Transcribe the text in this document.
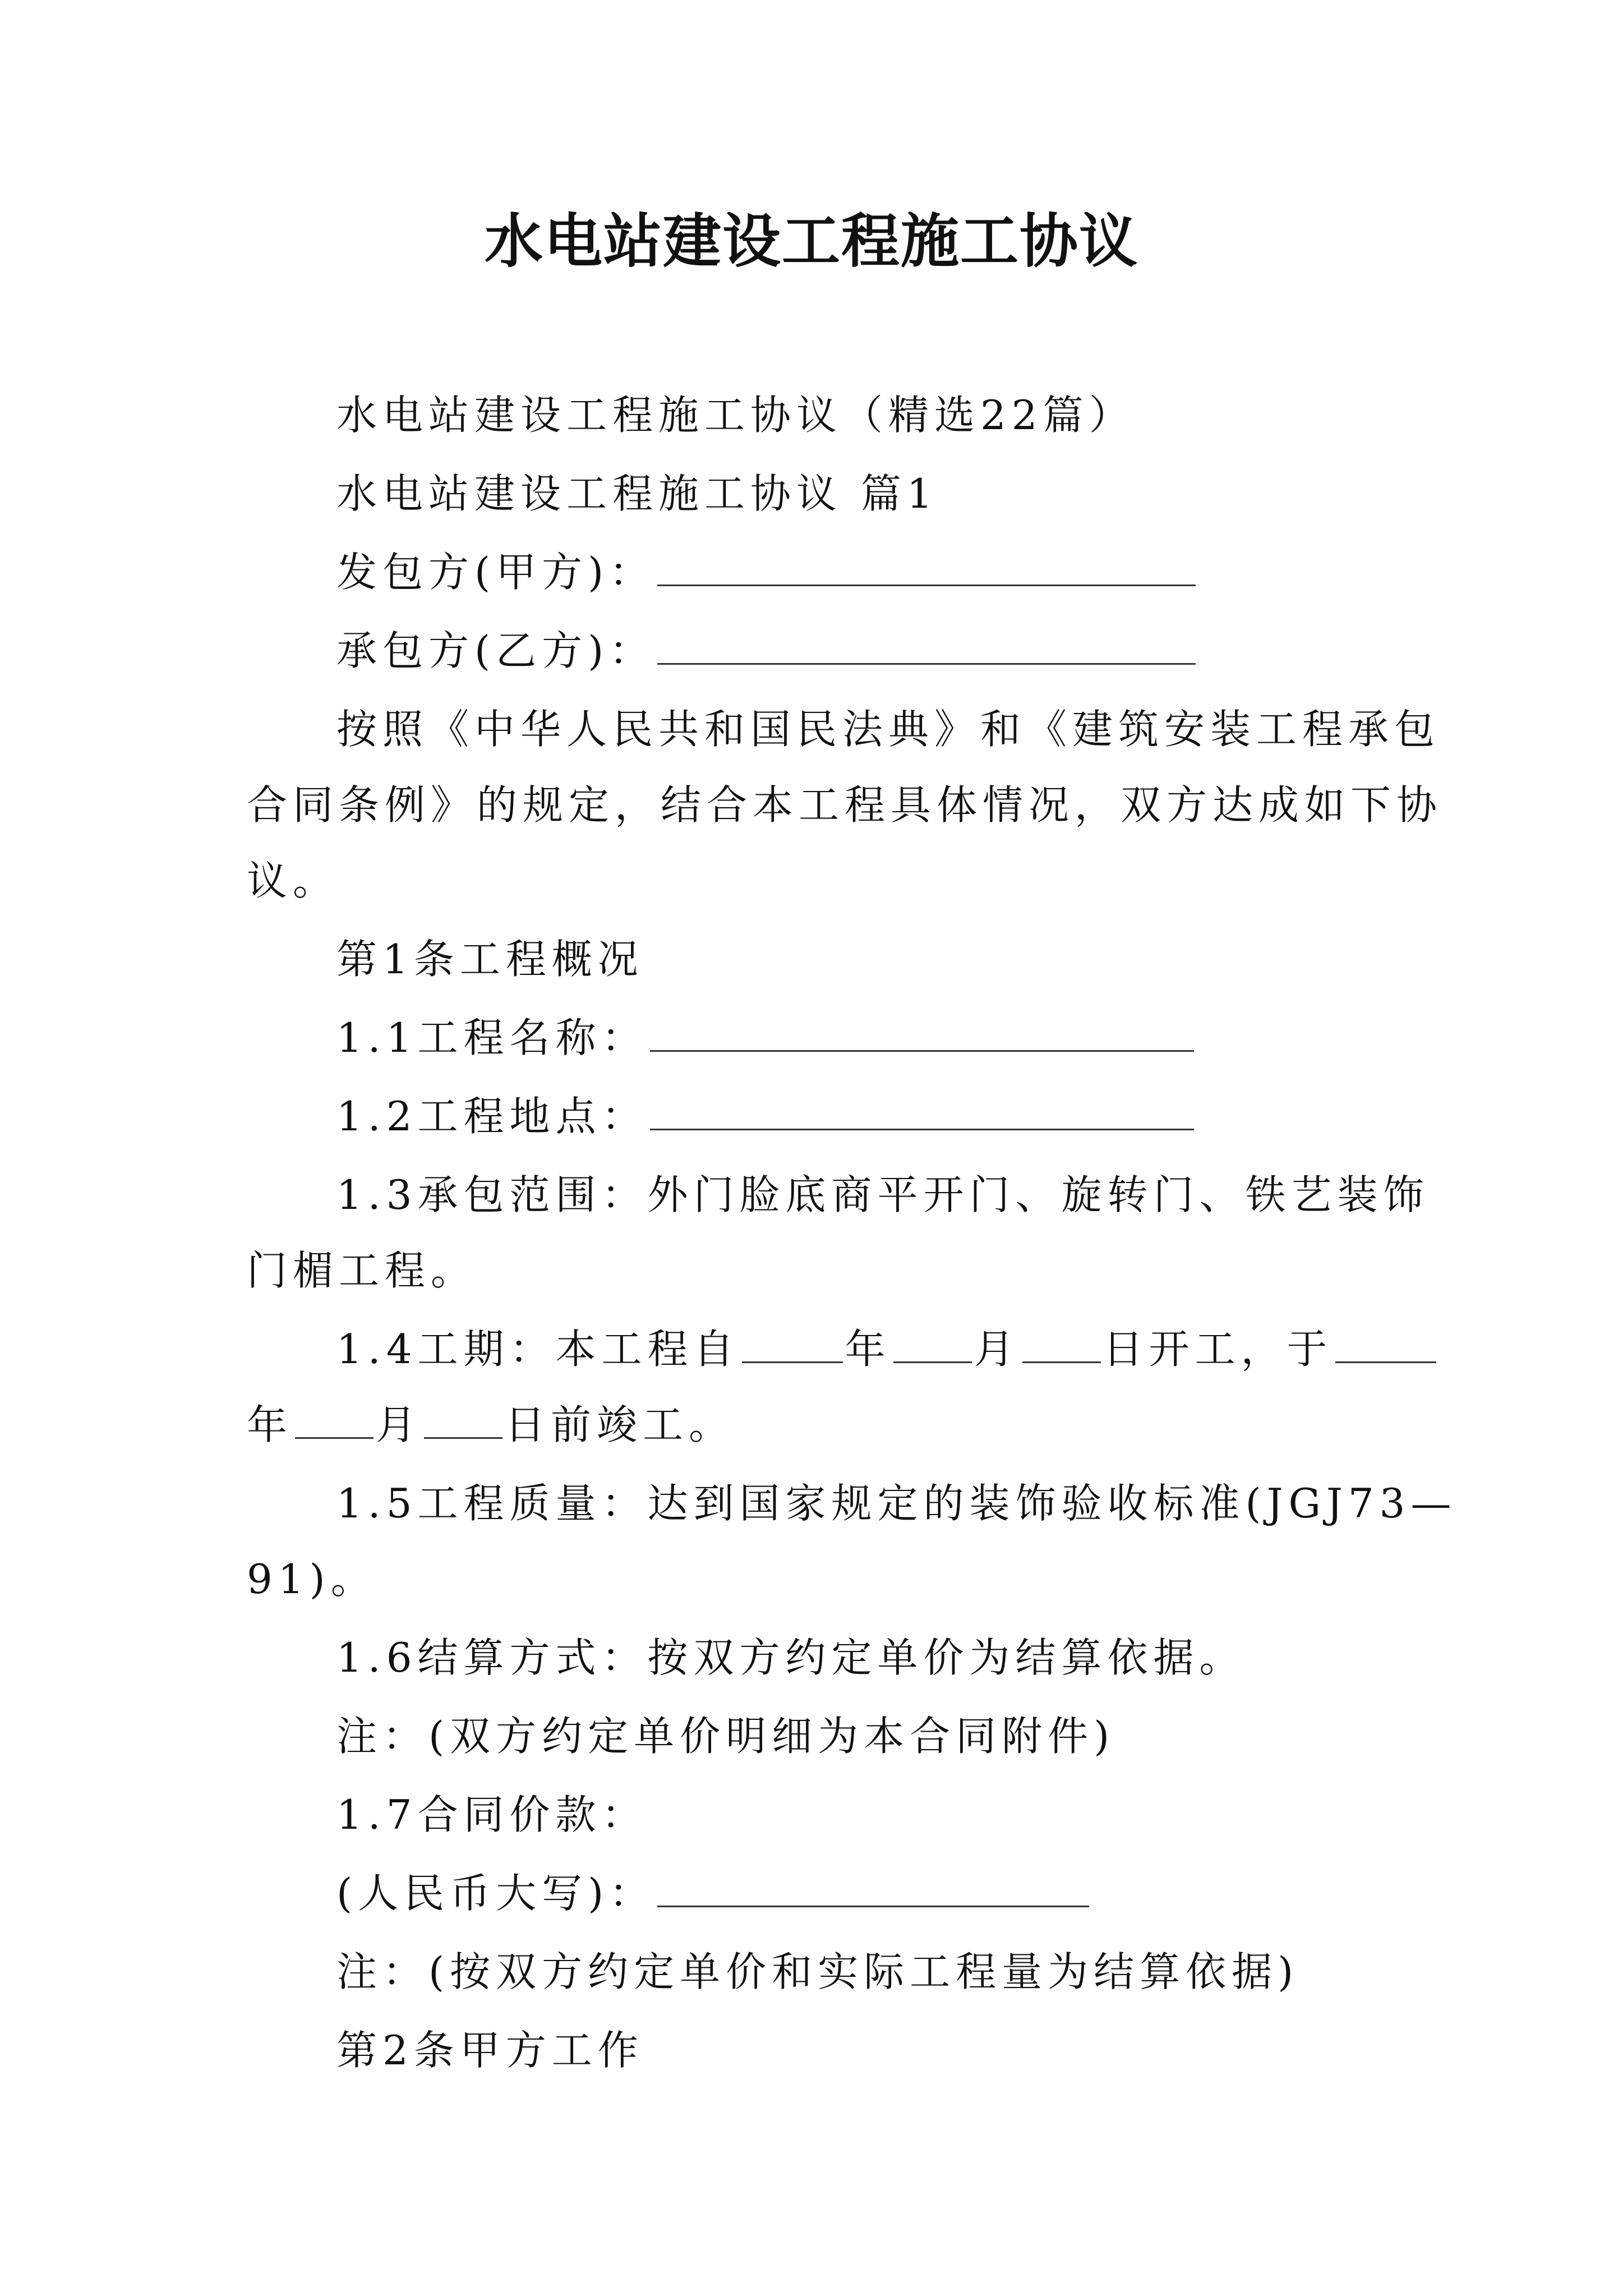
水电站建设工程施工协议
水电站建设工程施工协议（精选22篇）
水电站建设工程施工协议 篇1
发包方(甲方)：
承包方(乙方)：
按照《中华人民共和国民法典》和《建筑安装工程承包
合同条例》的规定，结合本工程具体情况，双方达成如下协
议。
第1条工程概况
1.1工程名称：
1.2工程地点：
1.3承包范围：外门脸底商平开门、旋转门、铁艺装饰
门楣工程。
1.4工期：本工程自	年 月 日开工，于
年 月 日前竣工。
1.5工程质量：达到国家规定的装饰验收标准(JGJ73—
91)。
1.6结算方式：按双方约定单价为结算依据。
注：(双方约定单价明细为本合同附件)
1.7合同价款：
(人民币大写)：
注：(按双方约定单价和实际工程量为结算依据)
第2条甲方工作
